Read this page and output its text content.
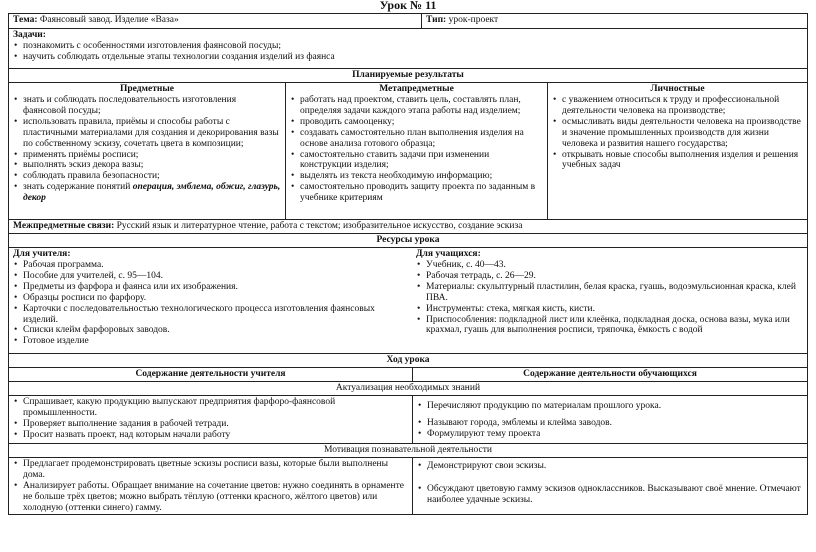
Урок № 11
Тема: Фаянсовый завод. Изделие «Ваза»	Тип: урок-проект
Задачи:
• познакомить с особенностями изготовления фаянсовой посуды;
• научить соблюдать отдельные этапы технологии создания изделий из фаянса
Планируемые результаты
Предметные
• знать и соблюдать последовательность изготовления фаянсовой посуды;
• использовать правила, приёмы и способы работы с пластичными материалами для создания и декорирования вазы по собственному эскизу, сочетать цвета в композиции;
• применять приёмы росписи;
• выполнять эскиз декора вазы;
• соблюдать правила безопасности;
• знать содержание понятий операция, эмблема, обжиг, глазурь, декор
Метапредметные
• работать над проектом, ставить цель, составлять план, определяя задачи каждого этапа работы над изделием;
• проводить самооценку;
• создавать самостоятельно план выполнения изделия на основе анализа готового образца;
• самостоятельно ставить задачи при изменении конструкции изделия;
• выделять из текста необходимую информацию;
• самостоятельно проводить защиту проекта по заданным в учебнике критериям
Личностные
• с уважением относиться к труду и профессиональной деятельности человека на производстве;
• осмысливать виды деятельности человека на производстве и значение промышленных производств для жизни человека и развития нашего государства;
• открывать новые способы выполнения изделия и решения учебных задач
Межпредметные связи: Русский язык и литературное чтение, работа с текстом; изобразительное искусство, создание эскиза
Ресурсы урока
Для учителя:
• Рабочая программа.
• Пособие для учителей, с. 95—104.
• Предметы из фарфора и фаянса или их изображения.
• Образцы росписи по фарфору.
• Карточки с последовательностью технологического процесса изготовления фаянсовых изделий.
• Списки клейм фарфоровых заводов.
• Готовое изделие
Для учащихся:
• Учебник, с. 40—43.
• Рабочая тетрадь, с. 26—29.
• Материалы: скульптурный пластилин, белая краска, гуашь, водоэмульсионная краска, клей ПВА.
• Инструменты: стека, мягкая кисть, кисти.
• Приспособления: подкладной лист или клеёнка, подкладная доска, основа вазы, мука или крахмал, гуашь для выполнения росписи, тряпочка, ёмкость с водой
Ход урока
Содержание деятельности учителя	Содержание деятельности обучающихся
Актуализация необходимых знаний
• Спрашивает, какую продукцию выпускают предприятия фарфоро-фаянсовой промышленности.
• Проверяет выполнение задания в рабочей тетради.
• Просит назвать проект, над которым начали работу
• Перечисляют продукцию по материалам прошлого урока.
• Называют города, эмблемы и клейма заводов.
• Формулируют тему проекта
Мотивация познавательной деятельности
• Предлагает продемонстрировать цветные эскизы росписи вазы, которые были выполнены дома.
• Анализирует работы. Обращает внимание на сочетание цветов: нужно соединять в орнаменте не больше трёх цветов; можно выбрать тёплую (оттенки красного, жёлтого цветов) или холодную (оттенки синего) гамму.
• Демонстрируют свои эскизы.
• Обсуждают цветовую гамму эскизов одноклассников. Высказывают своё мнение. Отмечают наиболее удачные эскизы.
